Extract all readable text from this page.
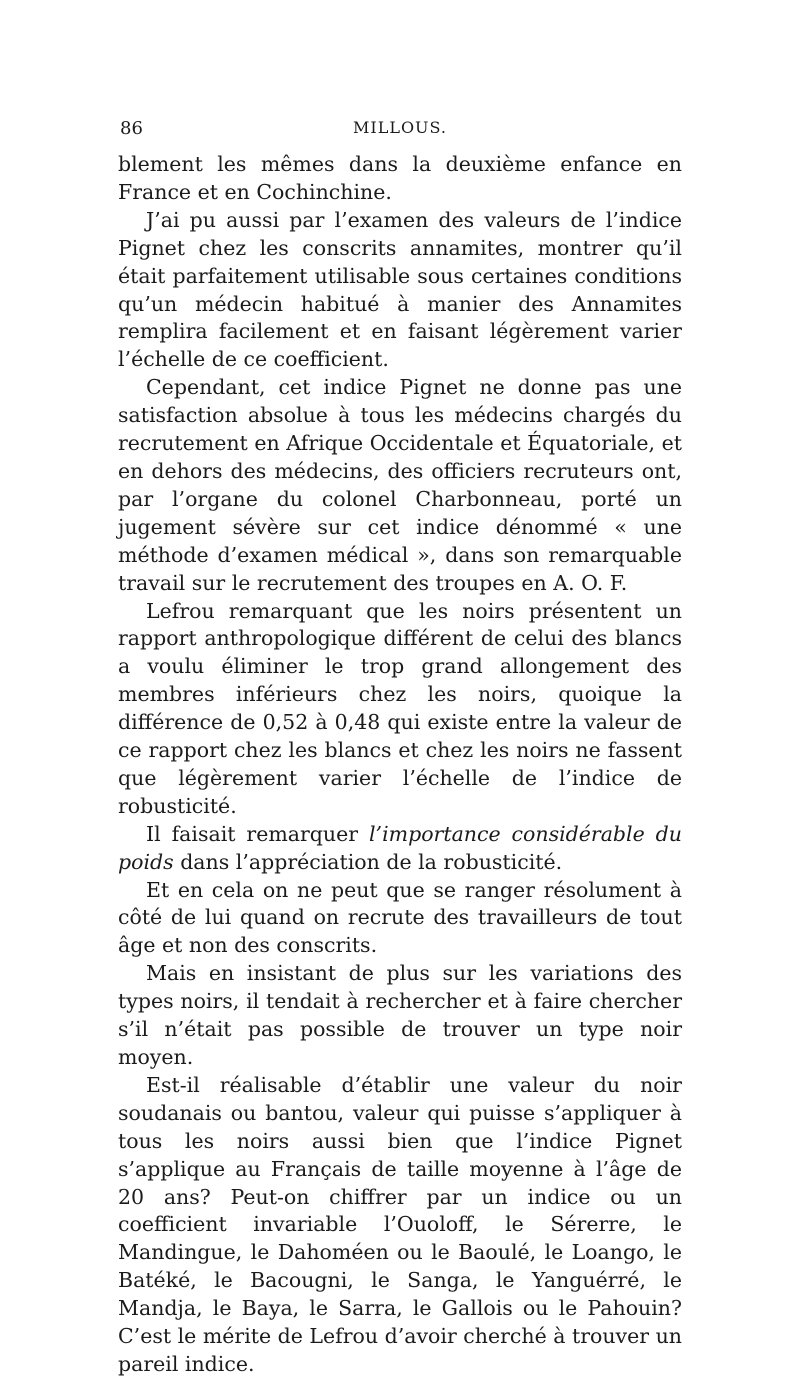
86	MILLOUS.

blement les mêmes dans la deuxième enfance en France et en Cochinchine.

J’ai pu aussi par l’examen des valeurs de l’indice Pignet chez les conscrits annamites, montrer qu’il était parfaitement utilisable sous certaines conditions qu’un médecin habitué à manier des Annamites remplira facilement et en faisant légèrement varier l’échelle de ce coefficient.

Cependant, cet indice Pignet ne donne pas une satisfaction absolue à tous les médecins chargés du recrutement en Afrique Occidentale et Équatoriale, et en dehors des médecins, des officiers recruteurs ont, par l’organe du colonel Charbonneau, porté un jugement sévère sur cet indice dénommé « une méthode d’examen médical », dans son remarquable travail sur le recrutement des troupes en A. O. F.

Lefrou remarquant que les noirs présentent un rapport anthropologique différent de celui des blancs a voulu éliminer le trop grand allongement des membres inférieurs chez les noirs, quoique la différence de 0,52 à 0,48 qui existe entre la valeur de ce rapport chez les blancs et chez les noirs ne fassent que légèrement varier l’échelle de l’indice de robusticité.

Il faisait remarquer l’importance considérable du poids dans l’appréciation de la robusticité.

Et en cela on ne peut que se ranger résolument à côté de lui quand on recrute des travailleurs de tout âge et non des conscrits.

Mais en insistant de plus sur les variations des types noirs, il tendait à rechercher et à faire chercher s’il n’était pas possible de trouver un type noir moyen.

Est-il réalisable d’établir une valeur du noir soudanais ou bantou, valeur qui puisse s’appliquer à tous les noirs aussi bien que l’indice Pignet s’applique au Français de taille moyenne à l’âge de 20 ans? Peut-on chiffrer par un indice ou un coefficient invariable l’Ouoloff, le Sérerre, le Mandingue, le Dahoméen ou le Baoulé, le Loango, le Batéké, le Bacougni, le Sanga, le Yanguérré, le Mandja, le Baya, le Sarra, le Gallois ou le Pahouin? C’est le mérite de Lefrou d’avoir cherché à trouver un pareil indice.
